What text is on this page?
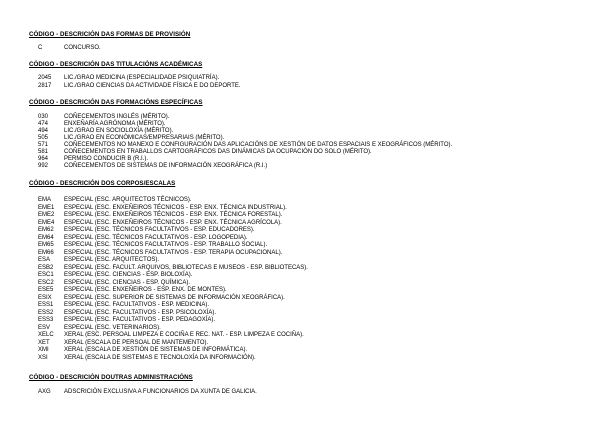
CÓDIGO - DESCRICIÓN DAS FORMAS DE PROVISIÓN
C	CONCURSO.
CÓDIGO - DESCRICIÓN DAS TITULACIÓNS ACADÉMICAS
2045 LIC./GRAO MEDICINA (ESPECIALIDADE PSIQUIATRÍA).
2817 LIC./GRAO CIENCIAS DA ACTIVIDADE FÍSICA E DO DEPORTE.
CÓDIGO - DESCRICIÓN DAS FORMACIÓNS ESPECÍFICAS
030	COÑECEMENTOS INGLÉS (MÉRITO).
474	ENXEÑARÍA AGRÓNOMA (MÉRITO).
494	LIC./GRAO EN SOCIOLOXÍA (MÉRITO).
505	LIC./GRAO EN ECONÓMICAS/EMPRESARIAIS (MÉRITO).
571	COÑECEMENTOS NO MANEXO E CONFIGURACIÓN DAS APLICACIÓNS DE XESTIÓN DE DATOS ESPACIAIS E XEOGRÁFICOS (MÉRITO).
581	COÑECEMENTOS EN TRABALLOS CARTOGRÁFICOS DAS DINÁMICAS DA OCUPACIÓN DO SOLO (MÉRITO).
964	PERMISO CONDUCIR B (R.I.).
992	COÑECEMENTOS DE SISTEMAS DE INFORMACIÓN XEOGRÁFICA (R.I.)
CÓDIGO - DESCRICIÓN DOS CORPOS/ESCALAS
EMA ESPECIAL (ESC. ARQUITECTOS TÉCNICOS).
EME1 ESPECIAL (ESC. ENXEÑEIROS TÉCNICOS - ESP. ENX. TÉCNICA INDUSTRIAL).
EME2 ESPECIAL (ESC. ENXEÑEIROS TÉCNICOS - ESP. ENX. TÉCNICA FORESTAL).
EME4 ESPECIAL (ESC. ENXEÑEIROS TÉCNICOS - ESP. ENX. TÉCNICA AGRÍCOLA).
EM62 ESPECIAL (ESC. TÉCNICOS FACULTATIVOS - ESP. EDUCADORES).
EM64 ESPECIAL (ESC. TÉCNICOS FACULTATIVOS - ESP. LOGOPEDIA).
EM65 ESPECIAL (ESC. TÉCNICOS FACULTATIVOS - ESP. TRABALLO SOCIAL).
EM66 ESPECIAL (ESC. TÉCNICOS FACULTATIVOS - ESP. TERAPIA OCUPACIONAL).
ESA ESPECIAL (ESC. ARQUITECTOS).
ESB2 ESPECIAL (ESC. FACULT. ARQUIVOS, BIBLIOTECAS E MUSEOS - ESP. BIBLIOTECAS).
ESC1 ESPECIAL (ESC. CIENCIAS - ESP. BIOLOXÍA).
ESC2 ESPECIAL (ESC. CIENCIAS - ESP. QUÍMICA).
ESE5 ESPECIAL (ESC. ENXEÑEIROS - ESP. ENX. DE MONTES).
ESIX ESPECIAL (ESC. SUPERIOR DE SISTEMAS DE INFORMACIÓN XEOGRÁFICA).
ESS1 ESPECIAL (ESC. FACULTATIVOS - ESP. MEDICINA).
ESS2 ESPECIAL (ESC. FACULTATIVOS - ESP. PSICOLOXÍA).
ESS3 ESPECIAL (ESC. FACULTATIVOS - ESP. PEDAGOXÍA).
ESV ESPECIAL (ESC. VETERINARIOS).
XELC XERAL (ESC. PERSOAL LIMPEZA E COCIÑA E REC. NAT. - ESP. LIMPEZA E COCIÑA).
XET XERAL (ESCALA DE PERSOAL DE MANTEMENTO).
XMI	XERAL (ESCALA DE XESTIÓN DE SISTEMAS DE INFORMÁTICA).
XSI	XERAL (ESCALA DE SISTEMAS E TECNOLOXÍA DA INFORMACIÓN).
CÓDIGO - DESCRICIÓN DOUTRAS ADMINISTRACIÓNS
AXG ADSCRICIÓN EXCLUSIVA A FUNCIONARIOS DA XUNTA DE GALICIA.
